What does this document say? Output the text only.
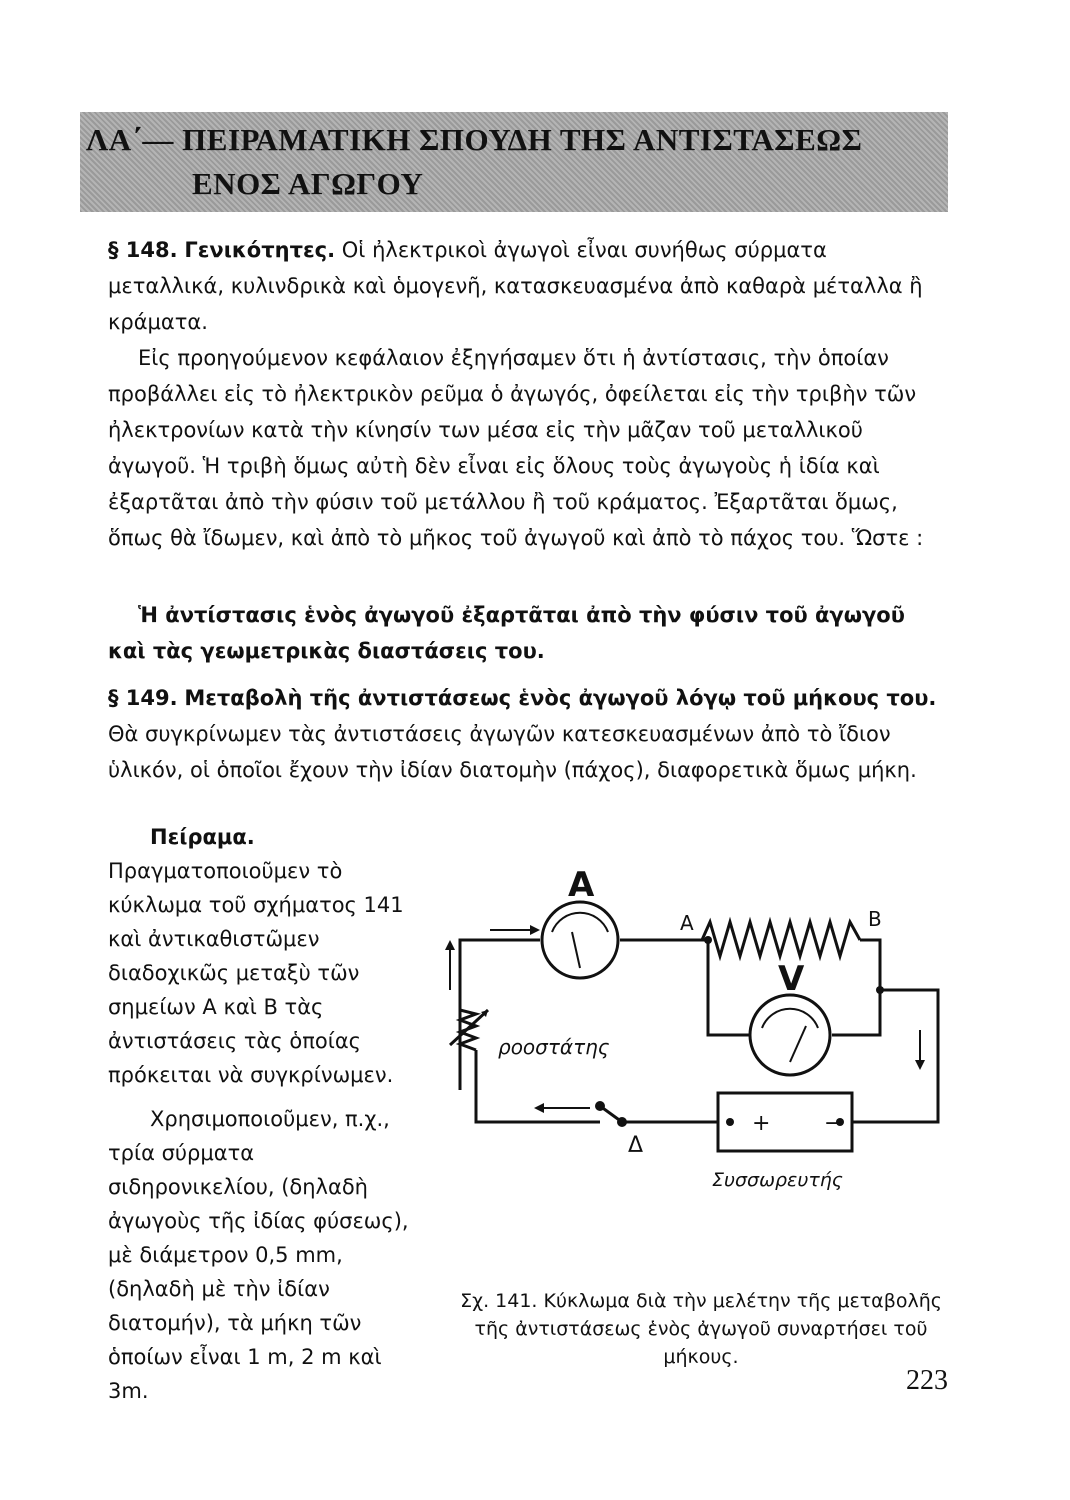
ΛΑ΄— ΠΕΙΡΑΜΑΤΙΚΗ ΣΠΟΥΔΗ ΤΗΣ ΑΝΤΙΣΤΑΣΕΩΣ
ΕΝΟΣ ΑΓΩΓΟΥ
§ 148. Γενικότητες. Οἱ ἠλεκτρικοὶ ἀγωγοὶ εἶναι συνήθως σύρματα μεταλλικά, κυλινδρικὰ καὶ ὁμογενῆ, κατασκευασμένα ἀπὸ καθαρὰ μέταλλα ἢ κράματα.
Εἰς προηγούμενον κεφάλαιον ἐξηγήσαμεν ὅτι ἡ ἀντίστασις, τὴν ὁποίαν προβάλλει εἰς τὸ ἠλεκτρικὸν ρεῦμα ὁ ἀγωγός, ὀφείλεται εἰς τὴν τριβὴν τῶν ἠλεκτρονίων κατὰ τὴν κίνησίν των μέσα εἰς τὴν μᾶζαν τοῦ μεταλλικοῦ ἀγωγοῦ. Ἡ τριβὴ ὅμως αὐτὴ δὲν εἶναι εἰς ὅλους τοὺς ἀγωγοὺς ἡ ἰδία καὶ ἐξαρτᾶται ἀπὸ τὴν φύσιν τοῦ μετάλλου ἢ τοῦ κράματος. Ἐξαρτᾶται ὅμως, ὅπως θὰ ἴδωμεν, καὶ ἀπὸ τὸ μῆκος τοῦ ἀγωγοῦ καὶ ἀπὸ τὸ πάχος του. Ὥστε :
Ἡ ἀντίστασις ἑνὸς ἀγωγοῦ ἐξαρτᾶται ἀπὸ τὴν φύσιν τοῦ ἀγωγοῦ καὶ τὰς γεωμετρικὰς διαστάσεις του.
§ 149. Μεταβολὴ τῆς ἀντιστάσεως ἑνὸς ἀγωγοῦ λόγῳ τοῦ μήκους του. Θὰ συγκρίνωμεν τὰς ἀντιστάσεις ἀγωγῶν κατεσκευασμένων ἀπὸ τὸ ἴδιον ὑλικόν, οἱ ὁποῖοι ἔχουν τὴν ἰδίαν διατομὴν (πάχος), διαφορετικὰ ὅμως μήκη.
Πείραμα. Πραγματοποιοῦμεν τὸ κύκλωμα τοῦ σχήματος 141 καὶ ἀντικαθιστῶμεν διαδοχικῶς μεταξὺ τῶν σημείων Α καὶ Β τὰς ἀντιστάσεις τὰς ὁποίας πρόκειται νὰ συγκρίνωμεν.
Χρησιμοποιοῦμεν, π.χ., τρία σύρματα σιδηρονικελίου, (δηλαδὴ ἀγωγοὺς τῆς ἰδίας φύσεως), μὲ διάμετρον 0,5 mm, (δηλαδὴ μὲ τὴν ἰδίαν διατομήν), τὰ μήκη τῶν ὁποίων εἶναι 1 m, 2 m καὶ 3m.
A
V
A	B
ροοστάτης
Δ
+ −
Συσσωρευτής
Σχ. 141. Κύκλωμα διὰ τὴν μελέτην τῆς μεταβολῆς τῆς ἀντιστάσεως ἑνὸς ἀγωγοῦ συναρτήσει τοῦ μήκους.
223
